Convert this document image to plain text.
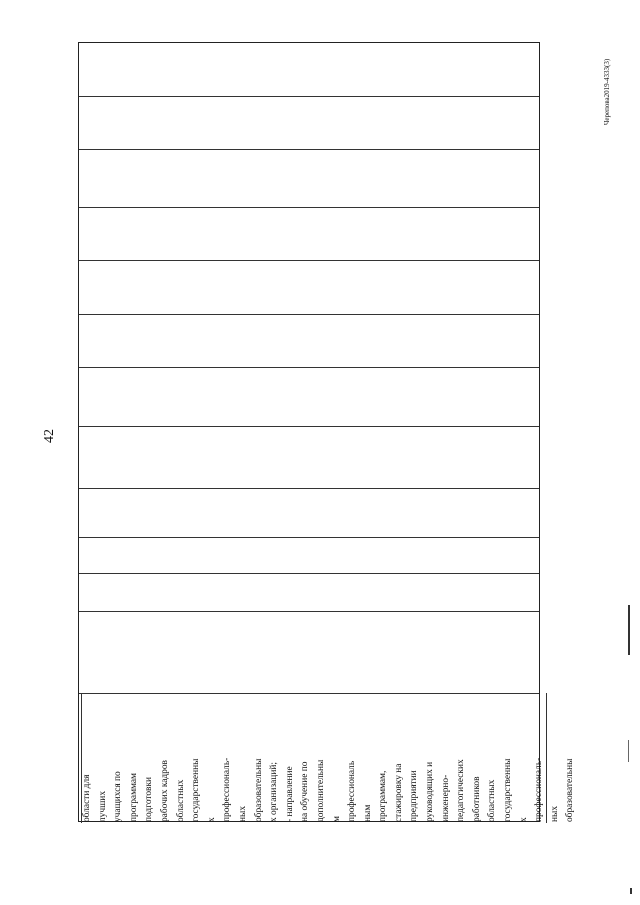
42
Черепова2019-4333(3)
области для лучших учащихся по программам подготовки рабочих кадров областных государственны х профессиональ- ных образовательны х организаций; - направление на обучение по дополнительны м профессиональ ным программам, стажировку на предприятии руководящих и инженерно- педагогических работников областных государственны х профессиональ- ных образовательны
